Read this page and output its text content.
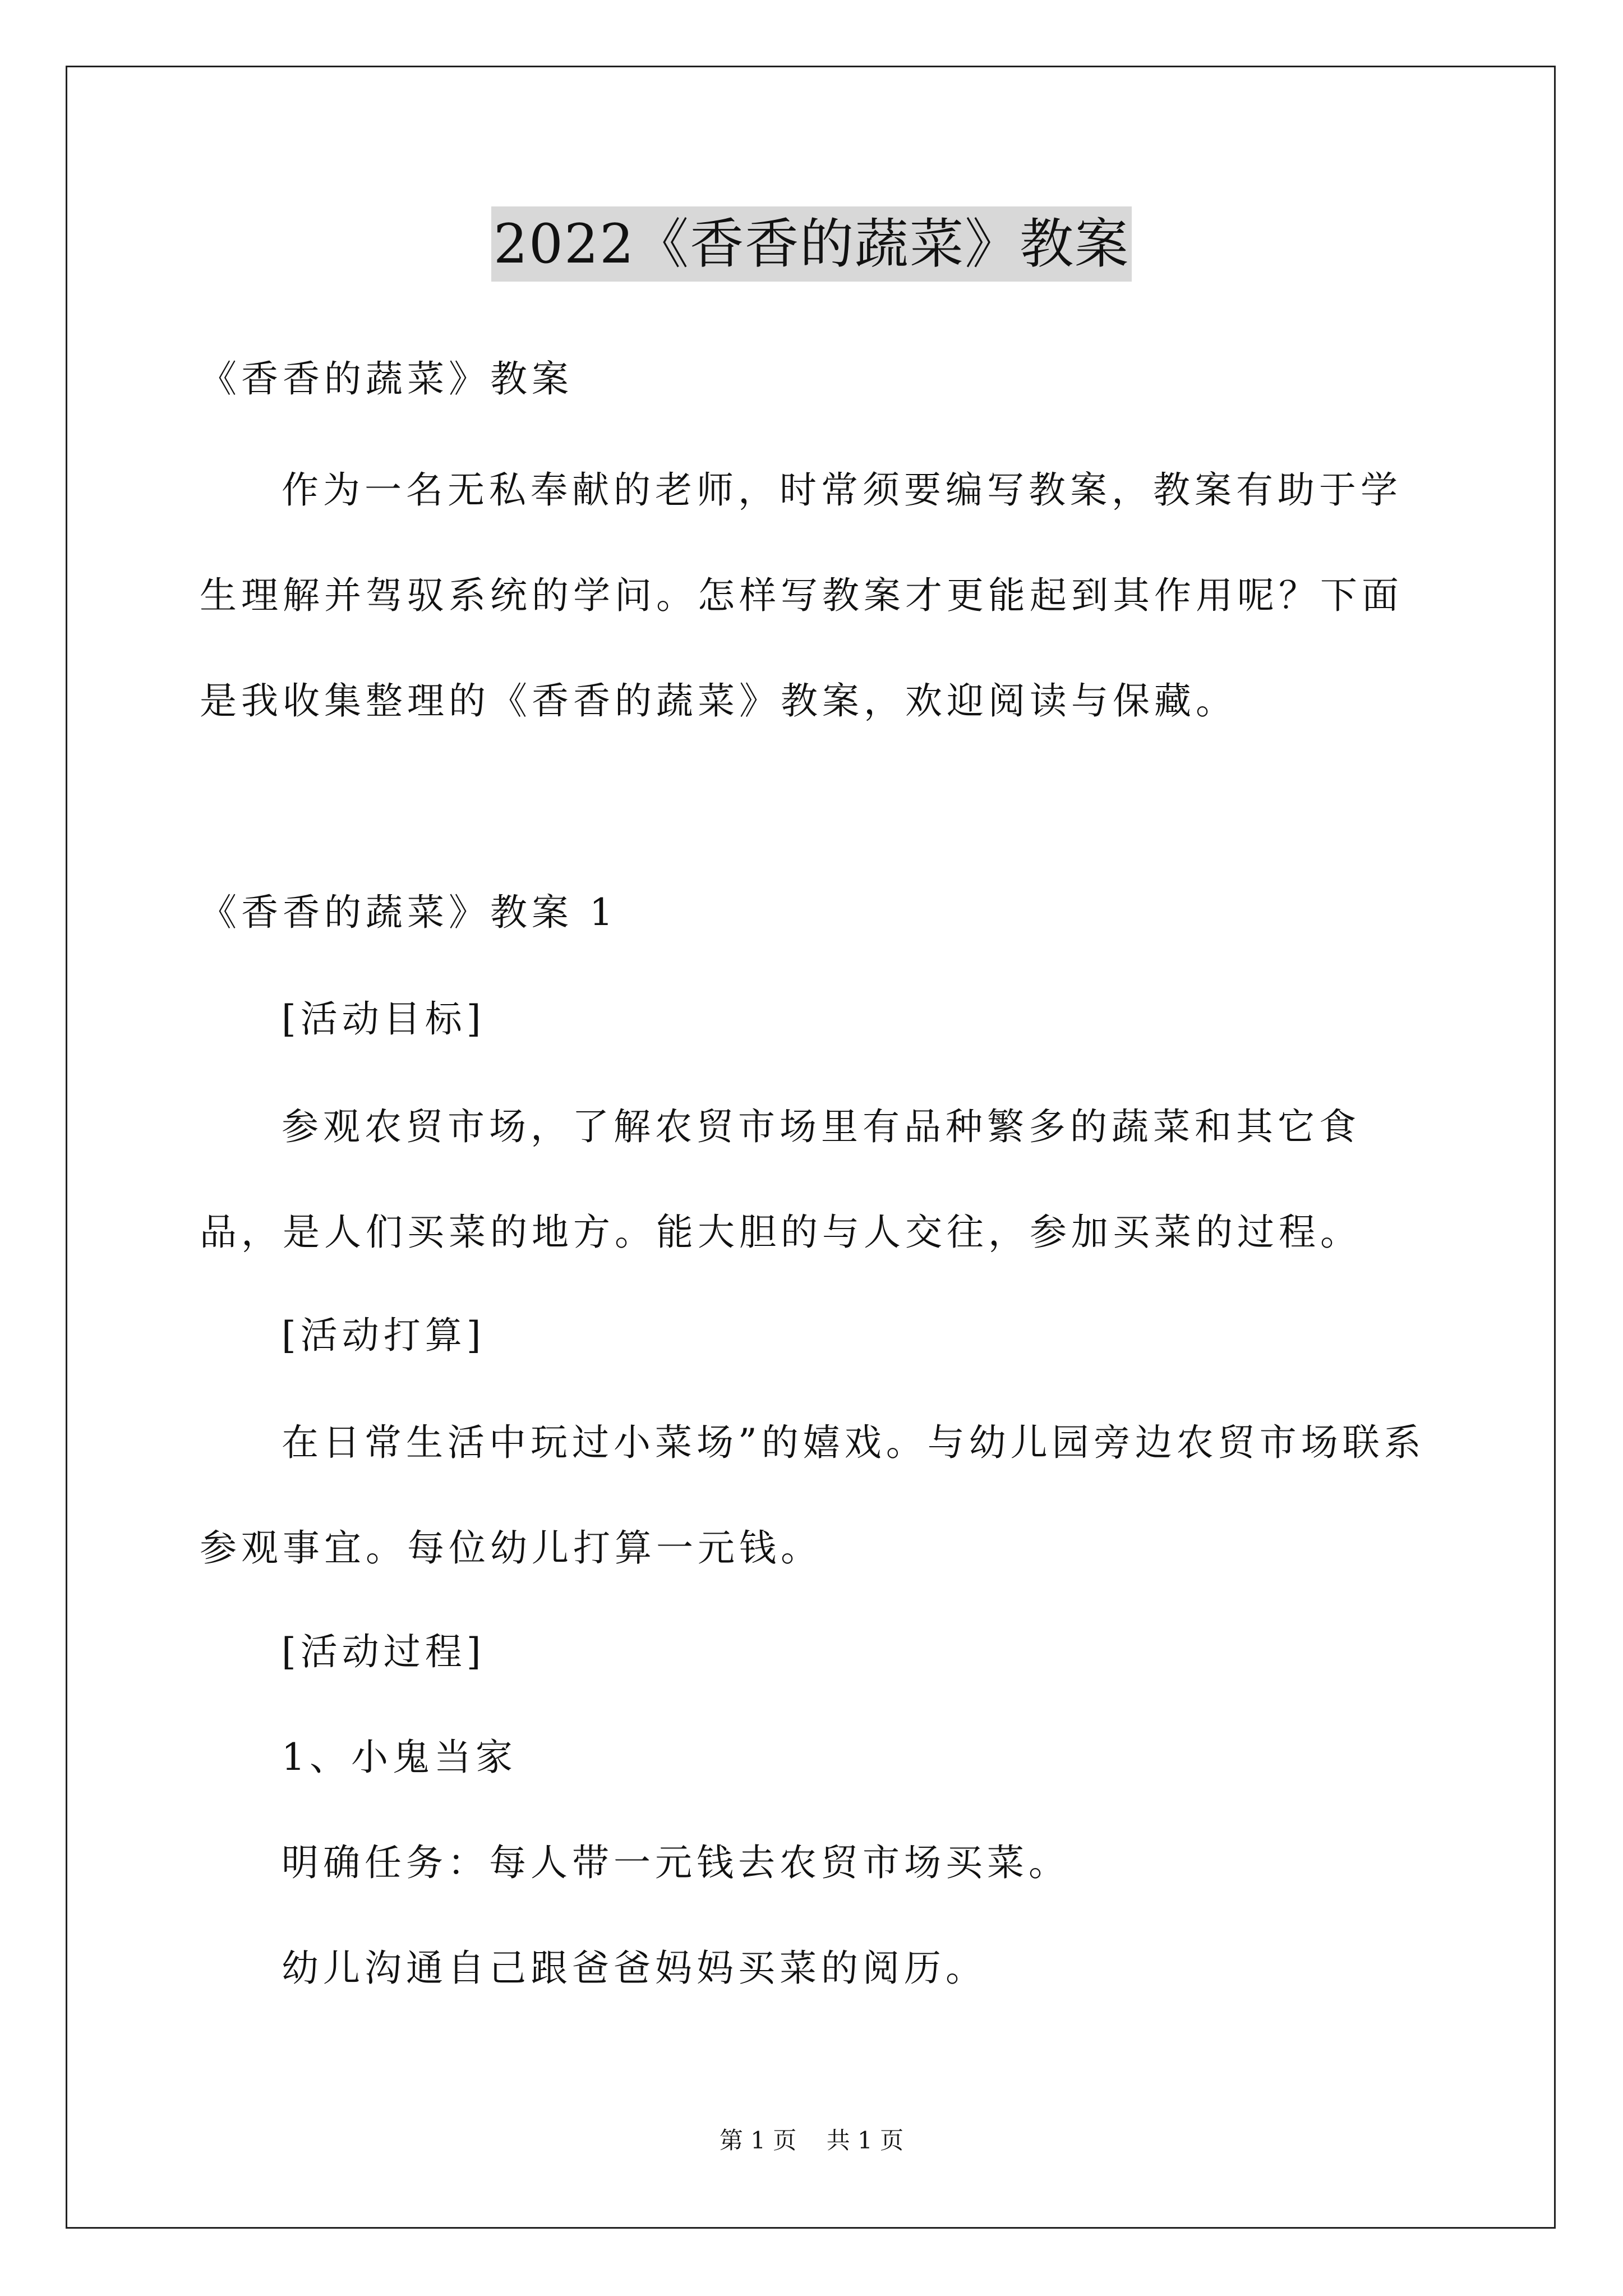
2022《香香的蔬菜》教案
《香香的蔬菜》教案

作为一名无私奉献的老师，时常须要编写教案，教案有助于学生理解并驾驭系统的学问。怎样写教案才更能起到其作用呢？下面是我收集整理的《香香的蔬菜》教案，欢迎阅读与保藏。

《香香的蔬菜》教案 1
[活动目标]

参观农贸市场，了解农贸市场里有品种繁多的蔬菜和其它食品，是人们买菜的地方。能大胆的与人交往，参加买菜的过程。

[活动打算]

在日常生活中玩过小菜场”的嬉戏。与幼儿园旁边农贸市场联系参观事宜。每位幼儿打算一元钱。

[活动过程]
1、小鬼当家
明确任务：每人带一元钱去农贸市场买菜。
幼儿沟通自己跟爸爸妈妈买菜的阅历。
第 1 页    共 1 页
